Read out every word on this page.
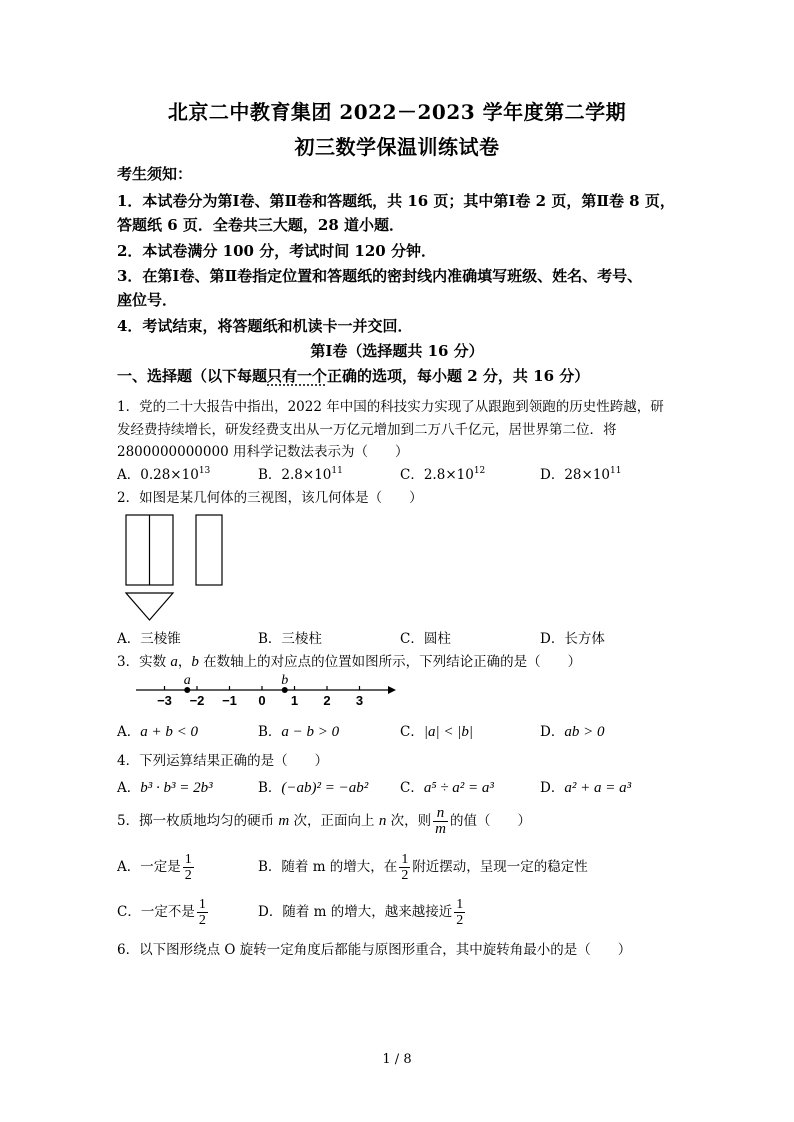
北京二中教育集团 2022－2023 学年度第二学期
初三数学保温训练试卷
考生须知：
1．本试卷分为第Ⅰ卷、第Ⅱ卷和答题纸，共 16 页；其中第Ⅰ卷 2 页，第Ⅱ卷 8 页，
答题纸 6 页．全卷共三大题，28 道小题．
2．本试卷满分 100 分，考试时间 120 分钟．
3．在第Ⅰ卷、第Ⅱ卷指定位置和答题纸的密封线内准确填写班级、姓名、考号、
座位号．
4．考试结束，将答题纸和机读卡一并交回．
第Ⅰ卷（选择题共 16 分）
一、选择题（以下每题只有一个正确的选项，每小题 2 分，共 16 分）
1．党的二十大报告中指出，2022 年中国的科技实力实现了从跟跑到领跑的历史性跨越，研
发经费持续增长，研发经费支出从一万亿元增加到二万八千亿元，居世界第二位．将
2800000000000 用科学记数法表示为（　　）
A．$0.28\times 10^{13}$	B．$2.8\times 10^{11}$	C．$2.8\times 10^{12}$	D．$28\times 10^{11}$
2．如图是某几何体的三视图，该几何体是（　　）
A．三棱锥	B．三棱柱	C．圆柱	D．长方体
3．实数 a，b 在数轴上的对应点的位置如图所示，下列结论正确的是（　　）
−3 −2 −1 0 1 2 3
a	b
A．a + b < 0	B．a − b > 0	C．|a| < |b|	D．ab > 0
4．下列运算结果正确的是（　　）
A．b³ · b³ = 2b³	B．(−ab)² = −ab² C．a⁵ ÷ a² = a³	D．a² + a = a³
5．掷一枚质地均匀的硬币 m 次，正面向上 n 次，则 $\frac{n}{m}$ 的值（　　）
A．一定是 $\frac{1}{2}$	B．随着 m 的增大，在 $\frac{1}{2}$ 附近摆动，呈现一定的稳定性
C．一定不是 $\frac{1}{2}$	D．随着 m 的增大，越来越接近 $\frac{1}{2}$
6．以下图形绕点 O 旋转一定角度后都能与原图形重合，其中旋转角最小的是（　　）
1 / 8
